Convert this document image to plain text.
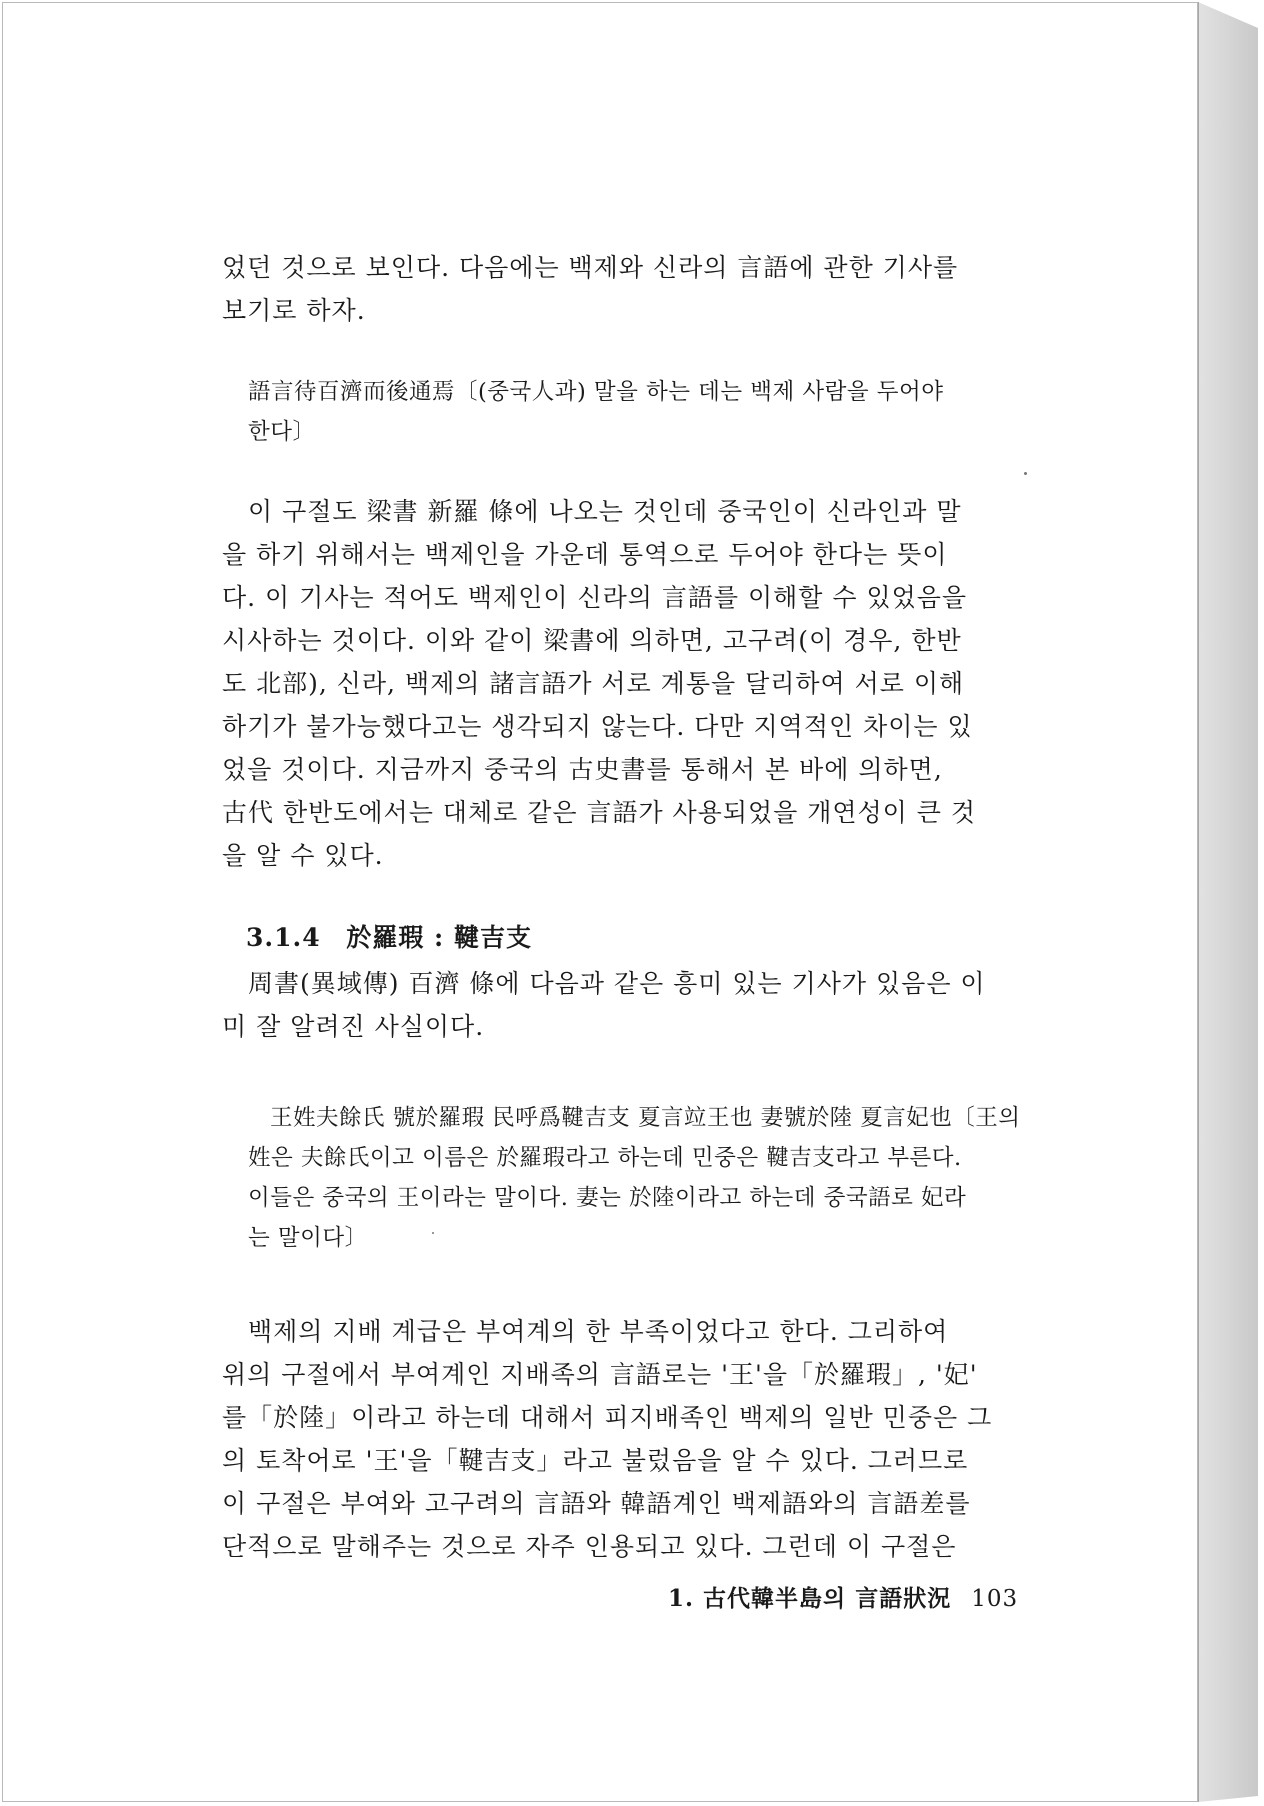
었던 것으로 보인다. 다음에는 백제와 신라의 言語에 관한 기사를
보기로 하자.
語言待百濟而後通焉〔(중국人과) 말을 하는 데는 백제 사람을 두어야
한다〕
이 구절도 梁書 新羅 條에 나오는 것인데 중국인이 신라인과 말
을 하기 위해서는 백제인을 가운데 통역으로 두어야 한다는 뜻이
다. 이 기사는 적어도 백제인이 신라의 言語를 이해할 수 있었음을
시사하는 것이다. 이와 같이 梁書에 의하면, 고구려(이 경우, 한반
도 北部), 신라, 백제의 諸言語가 서로 계통을 달리하여 서로 이해
하기가 불가능했다고는 생각되지 않는다. 다만 지역적인 차이는 있
었을 것이다. 지금까지 중국의 古史書를 통해서 본 바에 의하면,
古代 한반도에서는 대체로 같은 言語가 사용되었을 개연성이 큰 것
을 알 수 있다.
3.1.4 於羅瑕 : 鞬吉支
周書(異域傳) 百濟 條에 다음과 같은 흥미 있는 기사가 있음은 이
미 잘 알려진 사실이다.
王姓夫餘氏 號於羅瑕 民呼爲鞬吉支 夏言竝王也 妻號於陸 夏言妃也〔王의
姓은 夫餘氏이고 이름은 於羅瑕라고 하는데 민중은 鞬吉支라고 부른다.
이들은 중국의 王이라는 말이다. 妻는 於陸이라고 하는데 중국語로 妃라
는 말이다〕
백제의 지배 계급은 부여계의 한 부족이었다고 한다. 그리하여
위의 구절에서 부여계인 지배족의 言語로는 '王'을「於羅瑕」, '妃'
를「於陸」이라고 하는데 대해서 피지배족인 백제의 일반 민중은 그
의 토착어로 '王'을「鞬吉支」라고 불렀음을 알 수 있다. 그러므로
이 구절은 부여와 고구려의 言語와 韓語계인 백제語와의 言語差를
단적으로 말해주는 것으로 자주 인용되고 있다. 그런데 이 구절은
1. 古代韓半島의 言語狀況 103
